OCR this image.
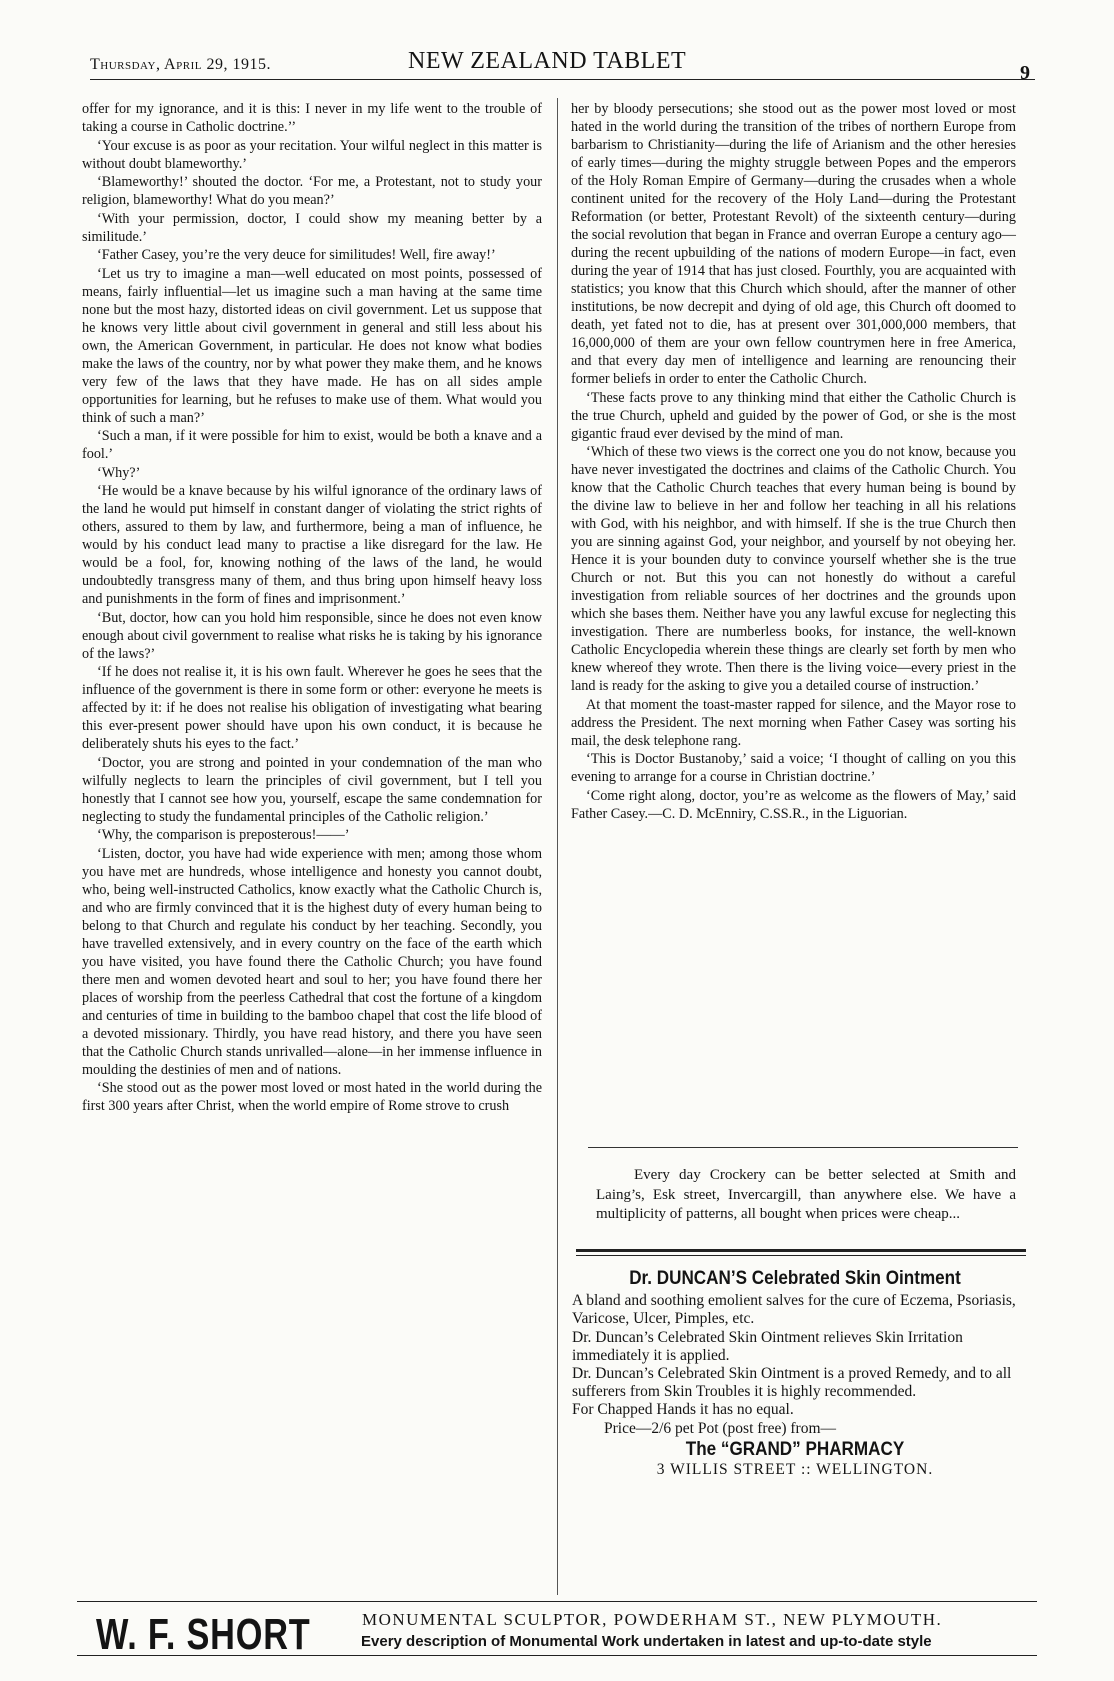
Thursday, April 29, 1915.	NEW ZEALAND TABLET	9

offer for my ignorance, and it is this: I never in my life went to the trouble of taking a course in Catholic doctrine.’’

‘Your excuse is as poor as your recitation. Your wilful neglect in this matter is without doubt blameworthy.’

‘Blameworthy!’ shouted the doctor. ‘For me, a Protestant, not to study your religion, blameworthy! What do you mean?’

‘With your permission, doctor, I could show my meaning better by a similitude.’

‘Father Casey, you’re the very deuce for similitudes! Well, fire away!’

‘Let us try to imagine a man—well educated on most points, possessed of means, fairly influential—let us imagine such a man having at the same time none but the most hazy, distorted ideas on civil government. Let us suppose that he knows very little about civil government in general and still less about his own, the American Government, in particular. He does not know what bodies make the laws of the country, nor by what power they make them, and he knows very few of the laws that they have made. He has on all sides ample opportunities for learning, but he refuses to make use of them. What would you think of such a man?’

‘Such a man, if it were possible for him to exist, would be both a knave and a fool.’

‘Why?’

‘He would be a knave because by his wilful ignorance of the ordinary laws of the land he would put himself in constant danger of violating the strict rights of others, assured to them by law, and furthermore, being a man of influence, he would by his conduct lead many to practise a like disregard for the law. He would be a fool, for, knowing nothing of the laws of the land, he would undoubtedly transgress many of them, and thus bring upon himself heavy loss and punishments in the form of fines and imprisonment.’

‘But, doctor, how can you hold him responsible, since he does not even know enough about civil government to realise what risks he is taking by his ignorance of the laws?’

‘If he does not realise it, it is his own fault. Wherever he goes he sees that the influence of the government is there in some form or other: everyone he meets is affected by it: if he does not realise his obligation of investigating what bearing this ever-present power should have upon his own conduct, it is because he deliberately shuts his eyes to the fact.’

‘Doctor, you are strong and pointed in your condemnation of the man who wilfully neglects to learn the principles of civil government, but I tell you honestly that I cannot see how you, yourself, escape the same condemnation for neglecting to study the fundamental principles of the Catholic religion.’

‘Why, the comparison is preposterous!——’

‘Listen, doctor, you have had wide experience with men; among those whom you have met are hundreds, whose intelligence and honesty you cannot doubt, who, being well-instructed Catholics, know exactly what the Catholic Church is, and who are firmly convinced that it is the highest duty of every human being to belong to that Church and regulate his conduct by her teaching. Secondly, you have travelled extensively, and in every country on the face of the earth which you have visited, you have found there the Catholic Church; you have found there men and women devoted heart and soul to her; you have found there her places of worship from the peerless Cathedral that cost the fortune of a kingdom and centuries of time in building to the bamboo chapel that cost the life blood of a devoted missionary. Thirdly, you have read history, and there you have seen that the Catholic Church stands unrivalled—alone—in her immense influence in moulding the destinies of men and of nations.

‘She stood out as the power most loved or most hated in the world during the first 300 years after Christ, when the world empire of Rome strove to crush

her by bloody persecutions; she stood out as the power most loved or most hated in the world during the transition of the tribes of northern Europe from barbarism to Christianity—during the life of Arianism and the other heresies of early times—during the mighty struggle between Popes and the emperors of the Holy Roman Empire of Germany—during the crusades when a whole continent united for the recovery of the Holy Land—during the Protestant Reformation (or better, Protestant Revolt) of the sixteenth century—during the social revolution that began in France and overran Europe a century ago—during the recent upbuilding of the nations of modern Europe—in fact, even during the year of 1914 that has just closed. Fourthly, you are acquainted with statistics; you know that this Church which should, after the manner of other institutions, be now decrepit and dying of old age, this Church oft doomed to death, yet fated not to die, has at present over 301,000,000 members, that 16,000,000 of them are your own fellow countrymen here in free America, and that every day men of intelligence and learning are renouncing their former beliefs in order to enter the Catholic Church.

‘These facts prove to any thinking mind that either the Catholic Church is the true Church, upheld and guided by the power of God, or she is the most gigantic fraud ever devised by the mind of man.

‘Which of these two views is the correct one you do not know, because you have never investigated the doctrines and claims of the Catholic Church. You know that the Catholic Church teaches that every human being is bound by the divine law to believe in her and follow her teaching in all his relations with God, with his neighbor, and with himself. If she is the true Church then you are sinning against God, your neighbor, and yourself by not obeying her. Hence it is your bounden duty to convince yourself whether she is the true Church or not. But this you can not honestly do without a careful investigation from reliable sources of her doctrines and the grounds upon which she bases them. Neither have you any lawful excuse for neglecting this investigation. There are numberless books, for instance, the well-known Catholic Encyclopedia wherein these things are clearly set forth by men who knew whereof they wrote. Then there is the living voice—every priest in the land is ready for the asking to give you a detailed course of instruction.’

At that moment the toast-master rapped for silence, and the Mayor rose to address the President. The next morning when Father Casey was sorting his mail, the desk telephone rang.

‘This is Doctor Bustanoby,’ said a voice; ‘I thought of calling on you this evening to arrange for a course in Christian doctrine.’

‘Come right along, doctor, you’re as welcome as the flowers of May,’ said Father Casey.—C. D. McEnniry, C.SS.R., in the Liguorian.

Every day Crockery can be better selected at Smith and Laing’s, Esk street, Invercargill, than anywhere else. We have a multiplicity of patterns, all bought when prices were cheap...

Dr. DUNCAN’S Celebrated Skin Ointment
A bland and soothing emolient salves for the cure of Eczema, Psoriasis, Varicose, Ulcer, Pimples, etc.
Dr. Duncan’s Celebrated Skin Ointment relieves Skin Irritation immediately it is applied.
Dr. Duncan’s Celebrated Skin Ointment is a proved Remedy, and to all sufferers from Skin Troubles it is highly recommended.
For Chapped Hands it has no equal.
Price—2/6 pet Pot (post free) from—
The “GRAND” PHARMACY
3 WILLIS STREET :: WELLINGTON.
W. F. SHORT	MONUMENTAL SCULPTOR, POWDERHAM ST., NEW PLYMOUTH.
Every description of Monumental Work undertaken in latest and up-to-date style
